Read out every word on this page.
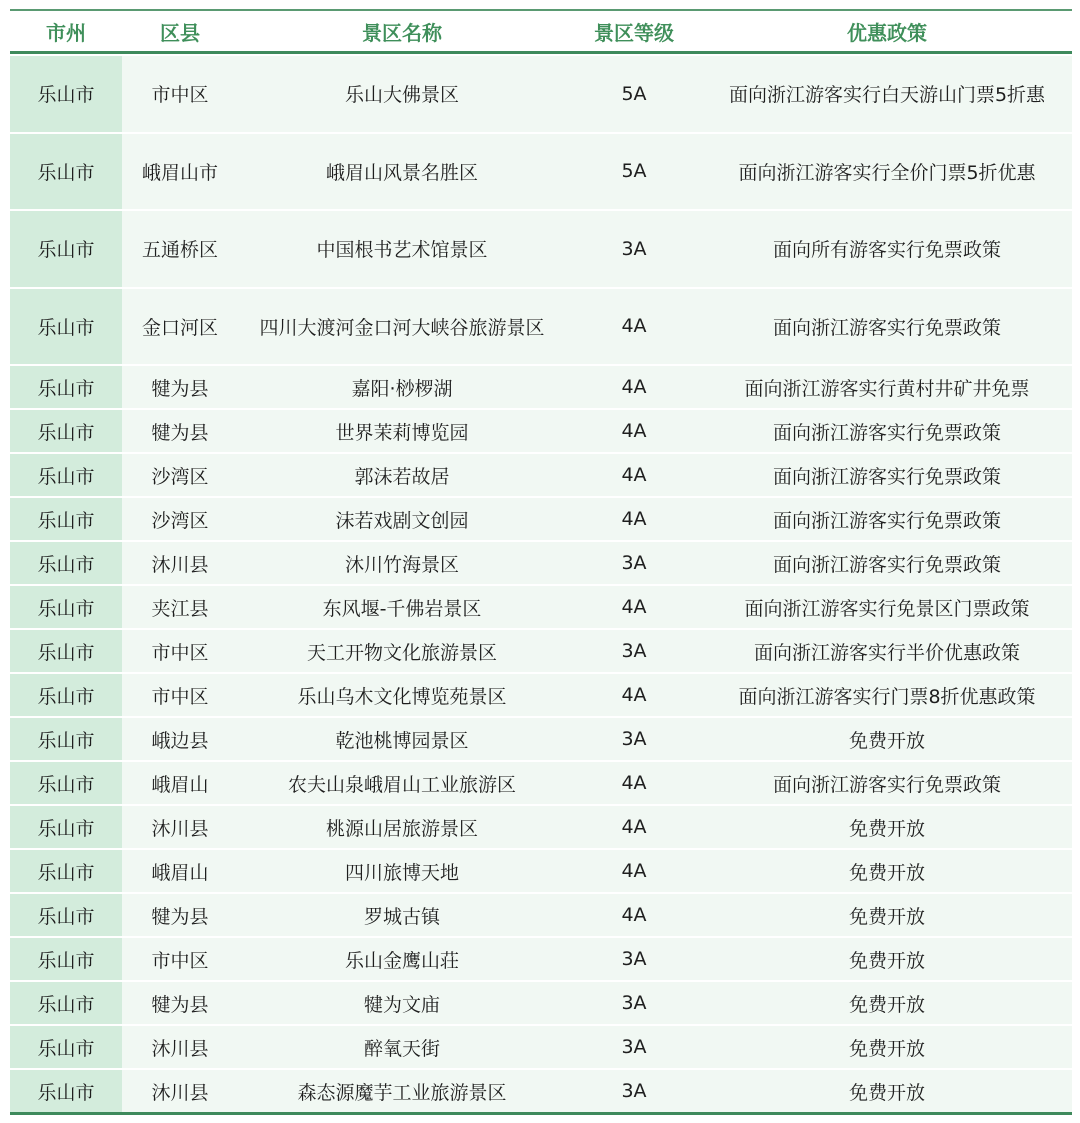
市州	区县	景区名称	景区等级	优惠政策
乐山市	市中区	乐山大佛景区	5A	面向浙江游客实行白天游山门票5折惠
乐山市	峨眉山市	峨眉山风景名胜区	5A	面向浙江游客实行全价门票5折优惠
乐山市	五通桥区	中国根书艺术馆景区	3A	面向所有游客实行免票政策
乐山市	金口河区	四川大渡河金口河大峡谷旅游景区	4A	面向浙江游客实行免票政策
乐山市	犍为县	嘉阳·桫椤湖	4A	面向浙江游客实行黄村井矿井免票
乐山市	犍为县	世界茉莉博览园	4A	面向浙江游客实行免票政策
乐山市	沙湾区	郭沫若故居	4A	面向浙江游客实行免票政策
乐山市	沙湾区	沫若戏剧文创园	4A	面向浙江游客实行免票政策
乐山市	沐川县	沐川竹海景区	3A	面向浙江游客实行免票政策
乐山市	夹江县	东风堰-千佛岩景区	4A	面向浙江游客实行免景区门票政策
乐山市	市中区	天工开物文化旅游景区	3A	面向浙江游客实行半价优惠政策
乐山市	市中区	乐山乌木文化博览苑景区	4A	面向浙江游客实行门票8折优惠政策
乐山市	峨边县	乾池桃博园景区	3A	免费开放
乐山市	峨眉山	农夫山泉峨眉山工业旅游区	4A	面向浙江游客实行免票政策
乐山市	沐川县	桃源山居旅游景区	4A	免费开放
乐山市	峨眉山	四川旅博天地	4A	免费开放
乐山市	犍为县	罗城古镇	4A	免费开放
乐山市	市中区	乐山金鹰山荘	3A	免费开放
乐山市	犍为县	犍为文庙	3A	免费开放
乐山市	沐川县	醉氧天街	3A	免费开放
乐山市	沐川县	森态源魔芋工业旅游景区	3A	免费开放
